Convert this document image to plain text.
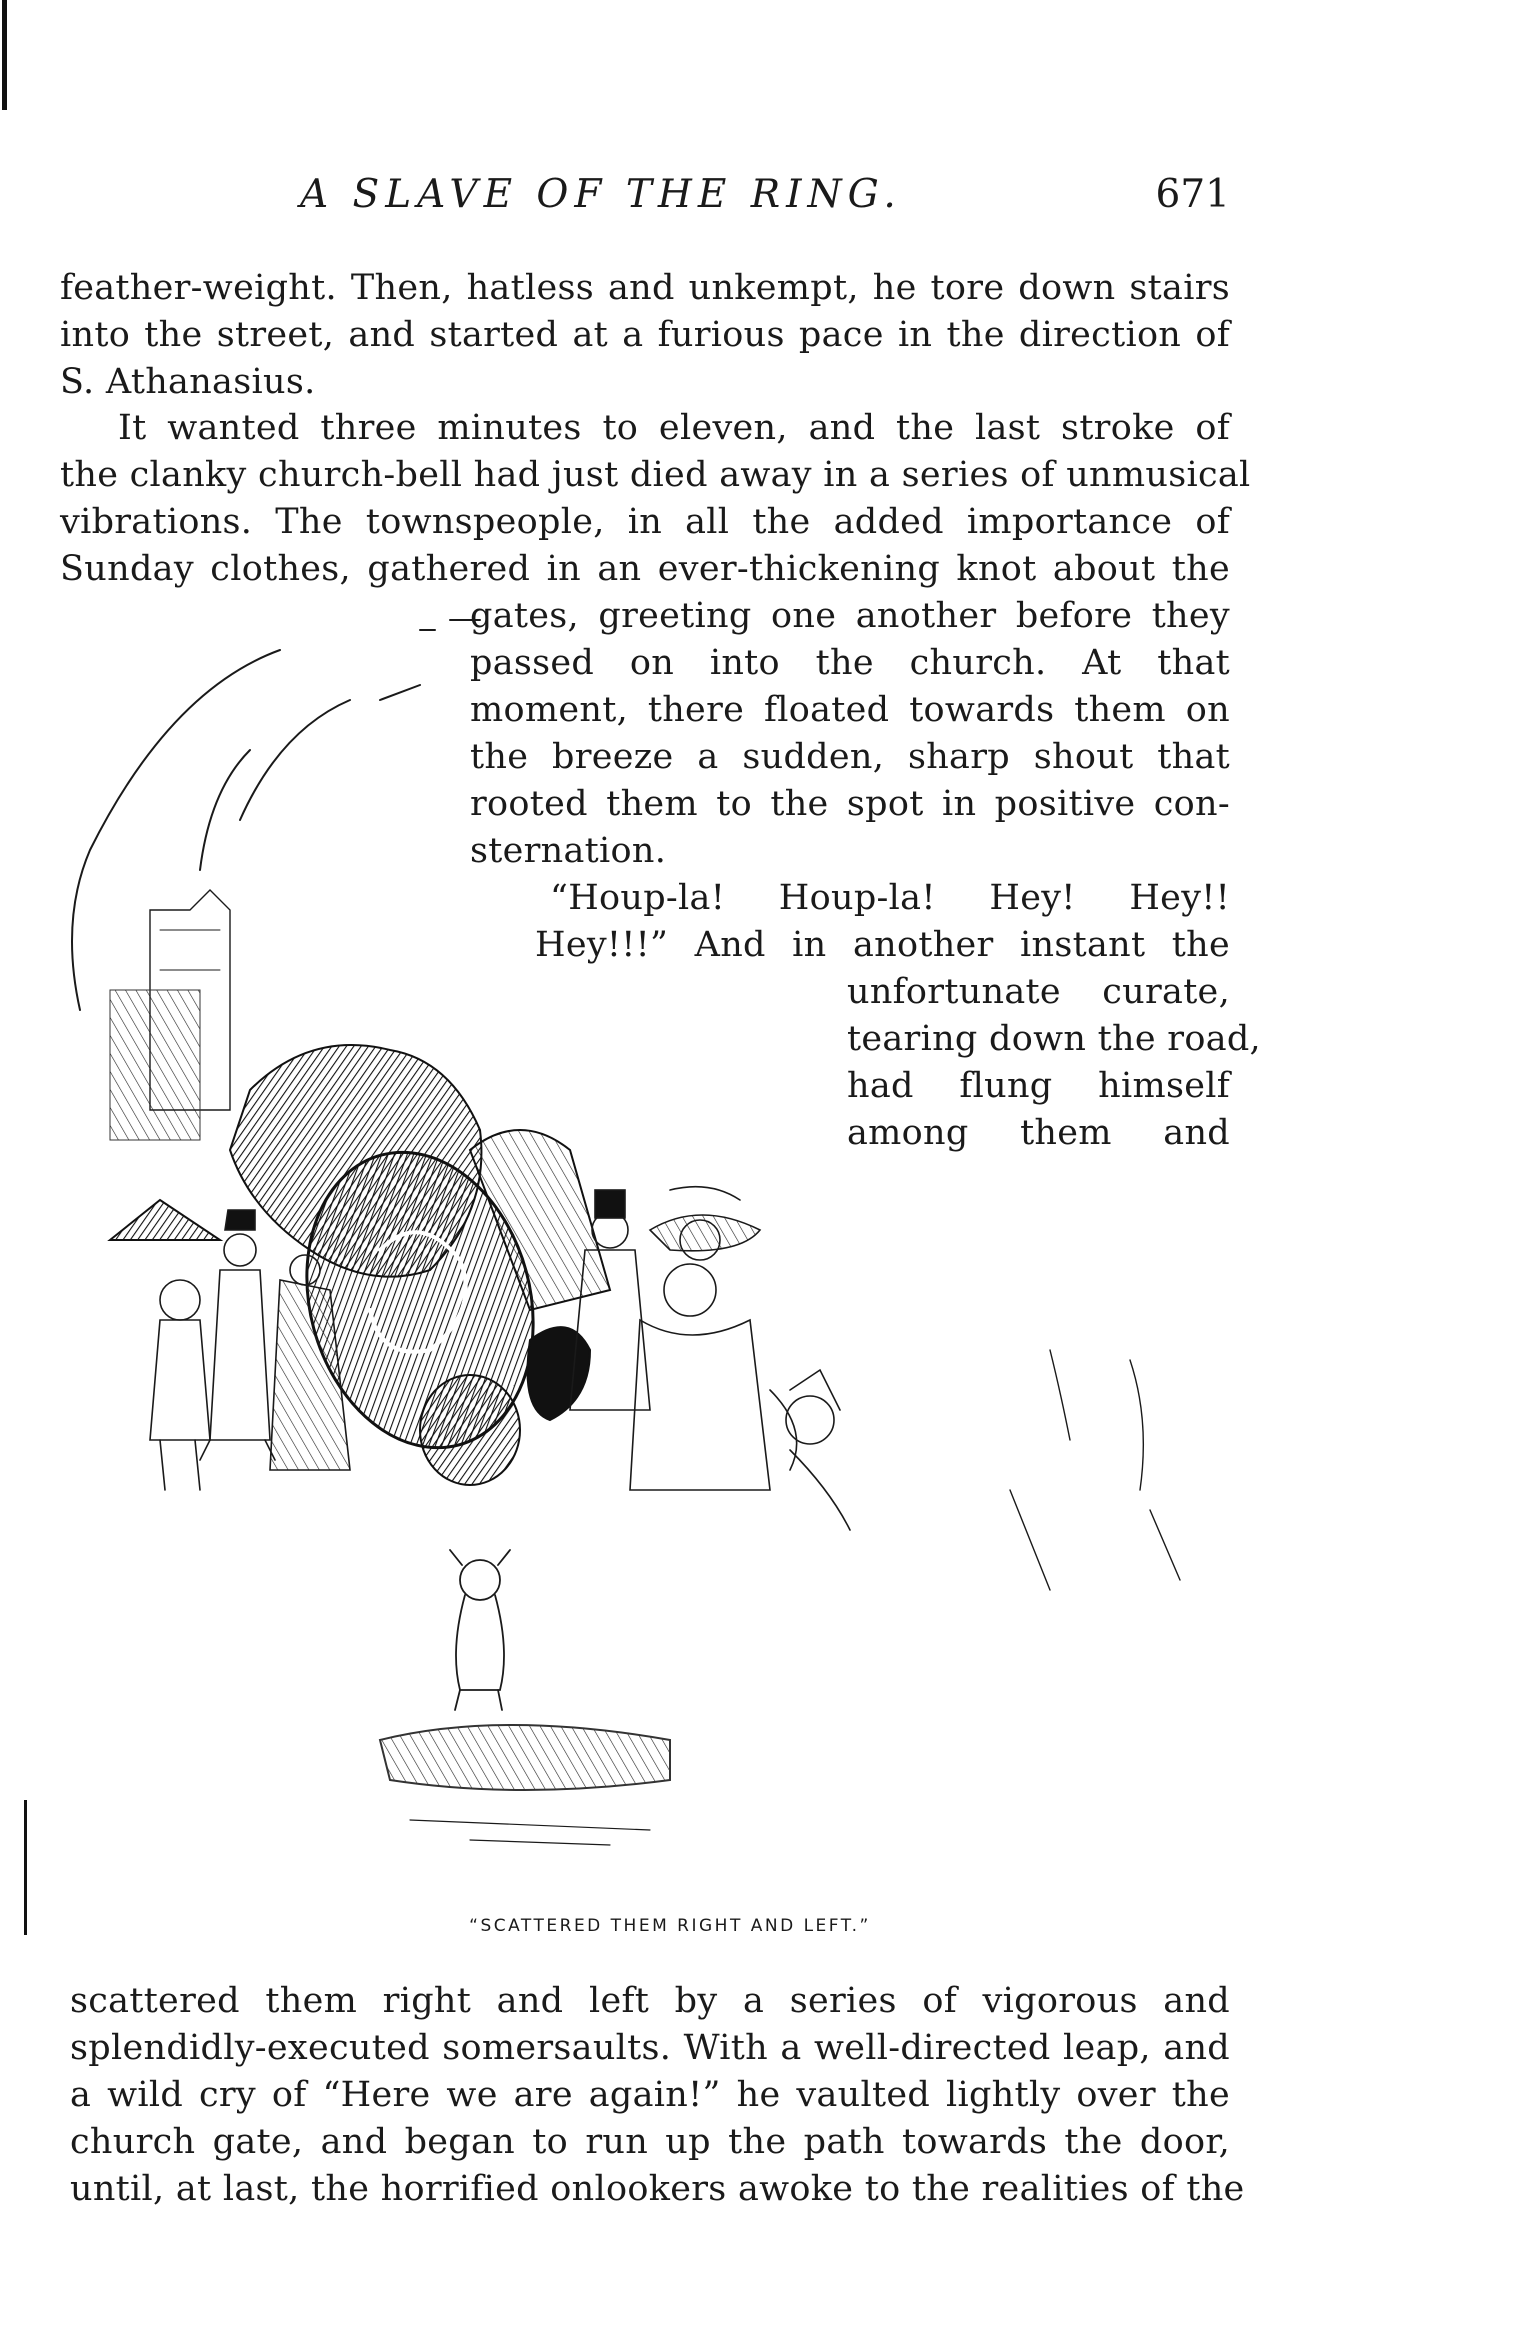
A SLAVE OF THE RING.	671
feather-weight. Then, hatless and unkempt, he tore down stairs
into the street, and started at a furious pace in the direction of
S. Athanasius.
It wanted three minutes to eleven, and the last stroke of
the clanky church-bell had just died away in a series of unmusical
vibrations. The townspeople, in all the added importance of
Sunday clothes, gathered in an ever-thickening knot about the
gates, greeting one another before they
passed on into the church. At that
moment, there floated towards them on
the breeze a sudden, sharp shout that
rooted them to the spot in positive con-
sternation.
“Houp-la! Houp-la! Hey! Hey!!
Hey!!!” And in another instant the
unfortunate curate,
tearing down the road,
had flung himself
among them and
“SCATTERED THEM RIGHT AND LEFT.”
scattered them right and left by a series of vigorous and
splendidly-executed somersaults. With a well-directed leap, and
a wild cry of “Here we are again!” he vaulted lightly over the
church gate, and began to run up the path towards the door,
until, at last, the horrified onlookers awoke to the realities of the
